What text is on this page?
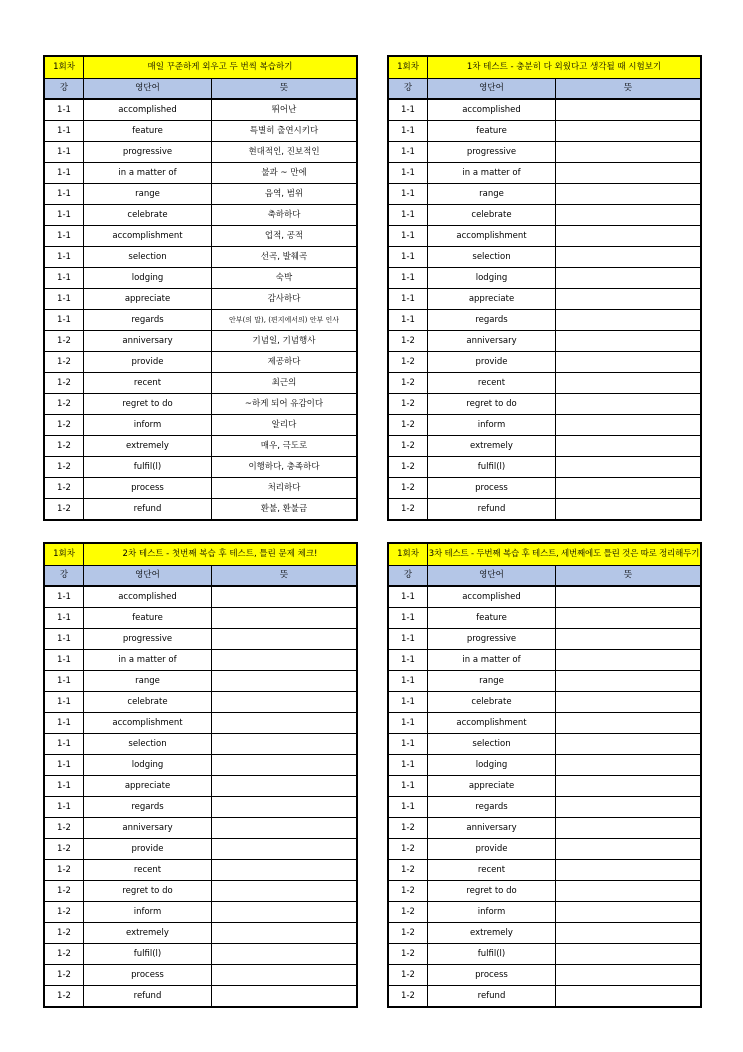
1회차	매일 꾸준하게 외우고 두 번씩 복습하기	
강	영단어	뜻
1-1	accomplished	뛰어난
1-1	feature	특별히 출연시키다
1-1	progressive	현대적인, 진보적인
1-1	in a matter of	불과 ~ 만에
1-1	range	음역, 범위
1-1	celebrate	축하하다
1-1	accomplishment	업적, 공적
1-1	selection	선곡, 발췌곡
1-1	lodging	숙박
1-1	appreciate	감사하다
1-1	regards	안부(의 말), (편지에서의) 안부 인사
1-2	anniversary	기념일, 기념행사
1-2	provide	제공하다
1-2	recent	최근의
1-2	regret to do	~하게 되어 유감이다
1-2	inform	알리다
1-2	extremely	매우, 극도로
1-2	fulfil(l)	이행하다, 충족하다
1-2	process	처리하다
1-2	refund	환불, 환불금
1회차	1차 테스트 - 충분히 다 외웠다고 생각될 때 시험보기	
강	영단어	뜻
1-1	accomplished	
1-1	feature	
1-1	progressive	
1-1	in a matter of	
1-1	range	
1-1	celebrate	
1-1	accomplishment	
1-1	selection	
1-1	lodging	
1-1	appreciate	
1-1	regards	
1-2	anniversary	
1-2	provide	
1-2	recent	
1-2	regret to do	
1-2	inform	
1-2	extremely	
1-2	fulfil(l)	
1-2	process	
1-2	refund	
1회차	2차 테스트 - 첫번째 복습 후 테스트, 틀린 문제 체크!	
강	영단어	뜻
1-1	accomplished	
1-1	feature	
1-1	progressive	
1-1	in a matter of	
1-1	range	
1-1	celebrate	
1-1	accomplishment	
1-1	selection	
1-1	lodging	
1-1	appreciate	
1-1	regards	
1-2	anniversary	
1-2	provide	
1-2	recent	
1-2	regret to do	
1-2	inform	
1-2	extremely	
1-2	fulfil(l)	
1-2	process	
1-2	refund	
1회차	3차 테스트 - 두번째 복습 후 테스트, 세번째에도 틀린 것은 따로 정리해두기	
강	영단어	뜻
1-1	accomplished	
1-1	feature	
1-1	progressive	
1-1	in a matter of	
1-1	range	
1-1	celebrate	
1-1	accomplishment	
1-1	selection	
1-1	lodging	
1-1	appreciate	
1-1	regards	
1-2	anniversary	
1-2	provide	
1-2	recent	
1-2	regret to do	
1-2	inform	
1-2	extremely	
1-2	fulfil(l)	
1-2	process	
1-2	refund	
